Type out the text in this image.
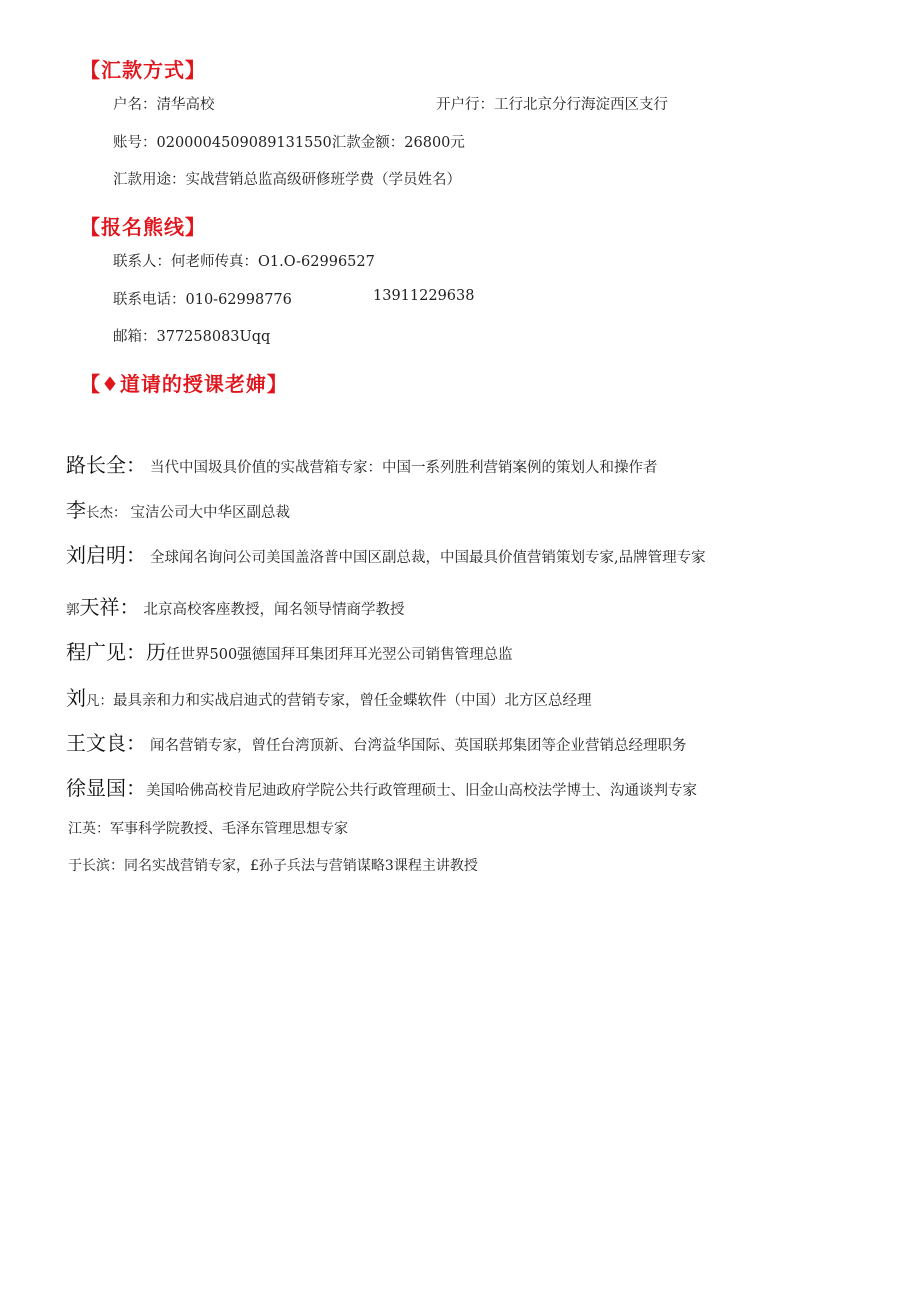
【汇款方式】
户名：清华高校	开户行：工行北京分行海淀西区支行
账号：0200004509089131550汇款金额：26800元
汇款用途：实战营销总监高级研修班学费（学员姓名）
【报名熊线】
联系人：何老师传真：O1.O-62996527
联系电话：010-62998776	13911229638
邮箱：377258083Uqq
【♦道请的授课老婶】
路长全： 当代中国圾具价值的实战营箱专家：中国一系列胜利营销案例的策划人和操作者
李长杰： 宝洁公司大中华区副总裁
刘启明： 全球闻名询问公司美国盖洛普中国区副总裁，中国最具价值营销策划专家,品牌管理专家
郭天祥： 北京高校客座教授，闻名领导情商学教授
程广见：历任世界500强德国拜耳集团拜耳光翌公司销售管理总监
刘凡：最具亲和力和实战启迪式的营销专家，曾任金蝶软件（中国）北方区总经理
王文良： 闻名营销专家，曾任台湾顶新、台湾益华国际、英国联邦集团等企业营销总经理职务
徐显国：美国哈佛高校肯尼迪政府学院公共行政管理硕士、旧金山高校法学博士、沟通谈判专家
江英：军事科学院教授、毛泽东管理思想专家
于长滨：同名实战营销专家，£孙子兵法与营销谋略3课程主讲教授
